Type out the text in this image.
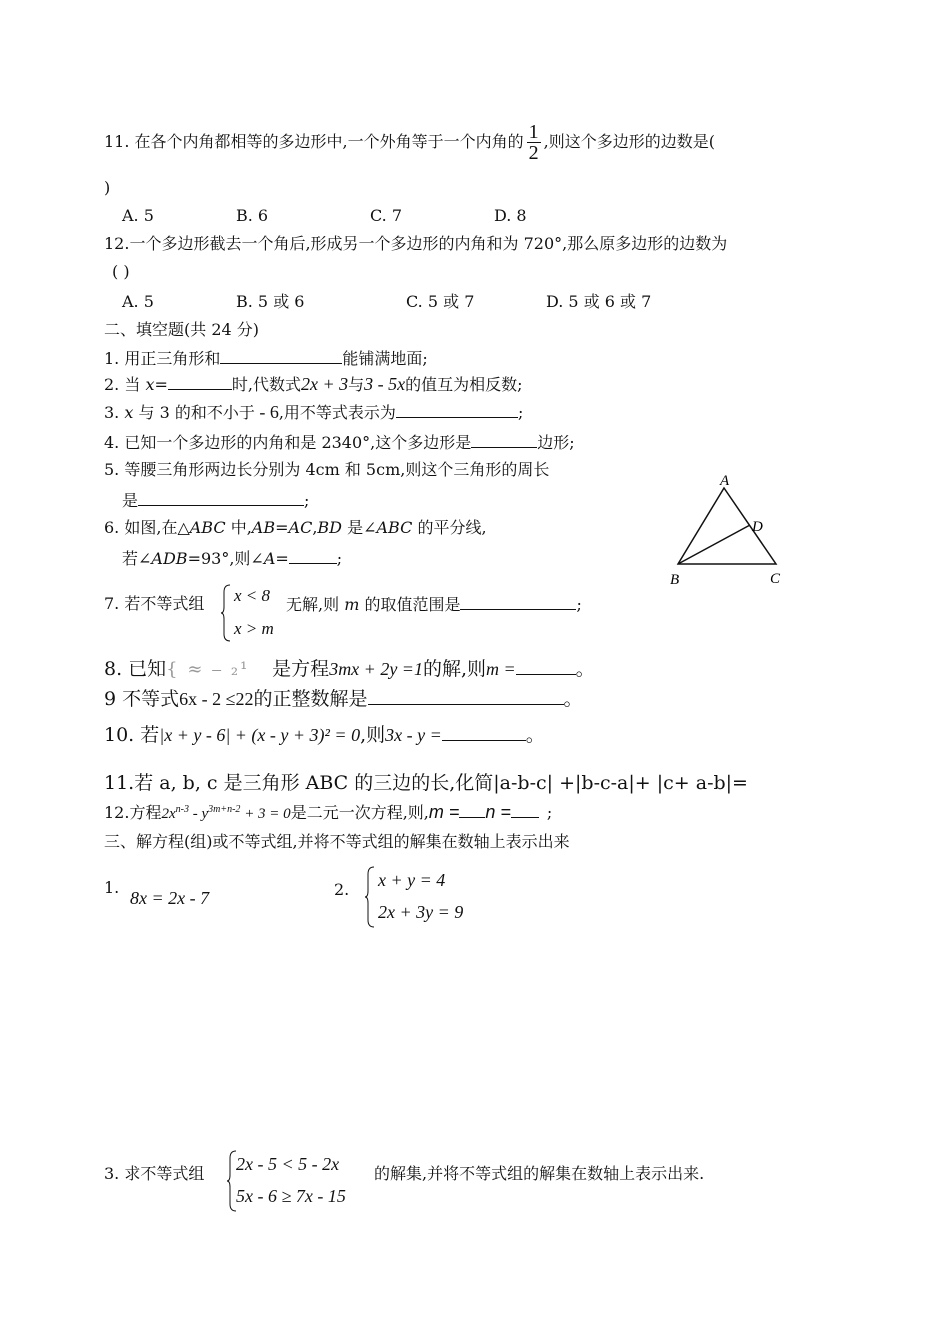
11. 在各个内角都相等的多边形中,一个外角等于一个内角的 $\frac{1}{2}$ ,则这个多边形的边数是(
)
A. 5	B. 6	C. 7	D. 8
12.一个多边形截去一个角后,形成另一个多边形的内角和为 720°,那么原多边形的边数为
( )
A. 5	B. 5 或 6	C. 5 或 7	D. 5 或 6 或 7
二、填空题(共 24 分)
1. 用正三角形和	能铺满地面;
2. 当 x=	时,代数式2x + 3与3 - 5x的值互为相反数;
3. x 与 3 的和不小于 - 6,用不等式表示为	;
4. 已知一个多边形的内角和是 2340°,这个多边形是	边形;
5. 等腰三角形两边长分别为 4cm 和 5cm,则这个三角形的周长
是	;
6. 如图,在△ABC 中,AB=AC,BD 是∠ABC 的平分线,
若∠ADB=93°,则∠A=	;
A
B	C
D
7. 若不等式组 x < 8
x > m
无解,则 m 的取值范围是	;
8. 已知{ ≈ ⎯ ₂¹ 是方程3mx + 2y =1的解,则m =	。
9 不等式6x - 2 ≤22的正整数解是	。
10. 若|x + y - 6| + (x - y + 3)² = 0,则3x - y =	。
11.若 a, b, c 是三角形 ABC 的三边的长,化简|a-b-c| +|b-c-a|+ |c+ a-b|=
12.方程$2x^{n-3} - y^{3m+n-2} + 3 = 0$是二元一次方程,则,m = n = ;
三、解方程(组)或不等式组,并将不等式组的解集在数轴上表示出来
1.
8x = 2x - 7	2. x + y = 4
2x + 3y = 9
3. 求不等式组 2x - 5 < 5 - 2x
5x - 6 ≥ 7x - 15
的解集,并将不等式组的解集在数轴上表示出来.
